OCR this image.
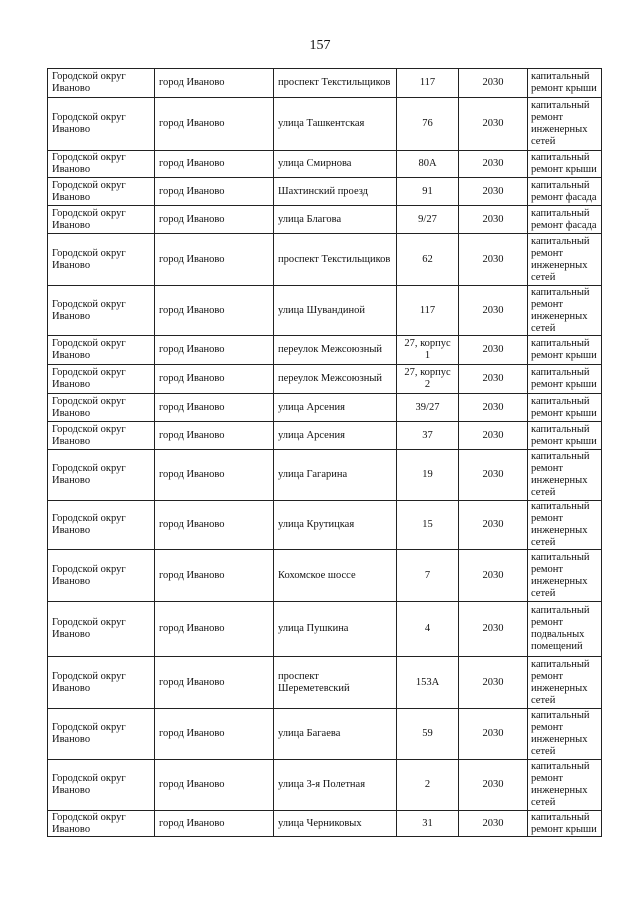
157
Городской округ Иваново	город Иваново	проспект Текстильщиков	117	2030	капитальный ремонт крыши
Городской округ Иваново	город Иваново	улица Ташкентская	76	2030	капитальный ремонт инженерных сетей
Городской округ Иваново	город Иваново	улица Смирнова	80А	2030	капитальный ремонт крыши
Городской округ Иваново	город Иваново	Шахтинский проезд	91	2030	капитальный ремонт фасада
Городской округ Иваново	город Иваново	улица Благова	9/27	2030	капитальный ремонт фасада
Городской округ Иваново	город Иваново	проспект Текстильщиков	62	2030	капитальный ремонт инженерных сетей
Городской округ Иваново	город Иваново	улица Шувандиной	117	2030	капитальный ремонт инженерных сетей
Городской округ Иваново	город Иваново	переулок Межсоюзный	27, корпус 1	2030	капитальный ремонт крыши
Городской округ Иваново	город Иваново	переулок Межсоюзный	27, корпус 2	2030	капитальный ремонт крыши
Городской округ Иваново	город Иваново	улица Арсения	39/27	2030	капитальный ремонт крыши
Городской округ Иваново	город Иваново	улица Арсения	37	2030	капитальный ремонт крыши
Городской округ Иваново	город Иваново	улица Гагарина	19	2030	капитальный ремонт инженерных сетей
Городской округ Иваново	город Иваново	улица Крутицкая	15	2030	капитальный ремонт инженерных сетей
Городской округ Иваново	город Иваново	Кохомское шоссе	7	2030	капитальный ремонт инженерных сетей
Городской округ Иваново	город Иваново	улица Пушкина	4	2030	капитальный ремонт подвальных помещений
Городской округ Иваново	город Иваново	проспект Шереметевский	153А	2030	капитальный ремонт инженерных сетей
Городской округ Иваново	город Иваново	улица Багаева	59	2030	капитальный ремонт инженерных сетей
Городской округ Иваново	город Иваново	улица 3-я Полетная	2	2030	капитальный ремонт инженерных сетей
Городской округ Иваново	город Иваново	улица Черниковых	31	2030	капитальный ремонт крыши
